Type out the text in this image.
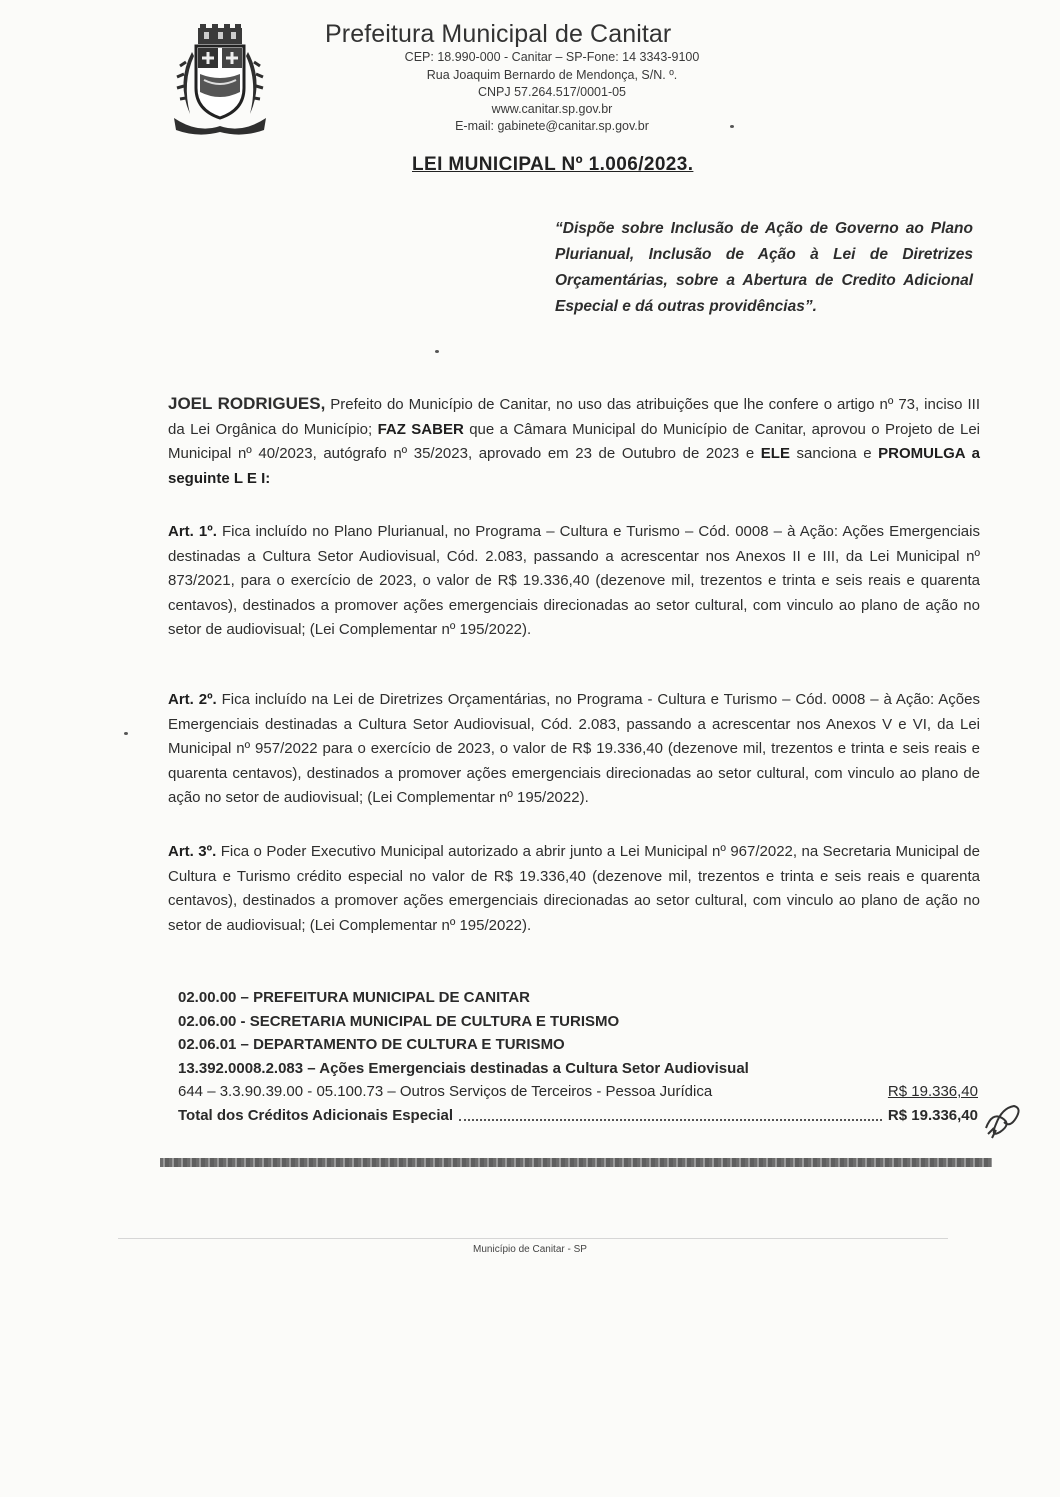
Prefeitura Municipal de Canitar
CEP: 18.990-000 - Canitar – SP-Fone: 14 3343-9100
Rua Joaquim Bernardo de Mendonça, S/N. º.
CNPJ 57.264.517/0001-05
www.canitar.sp.gov.br
E-mail: gabinete@canitar.sp.gov.br
LEI MUNICIPAL Nº 1.006/2023.
“Dispõe sobre Inclusão de Ação de Governo ao Plano Plurianual, Inclusão de Ação à Lei de Diretrizes Orçamentárias, sobre a Abertura de Credito Adicional Especial e dá outras providências”.
JOEL RODRIGUES, Prefeito do Município de Canitar, no uso das atribuições que lhe confere o artigo nº 73, inciso III da Lei Orgânica do Município; FAZ SABER que a Câmara Municipal do Município de Canitar, aprovou o Projeto de Lei Municipal nº 40/2023, autógrafo nº 35/2023, aprovado em 23 de Outubro de 2023 e ELE sanciona e PROMULGA a seguinte L E I:
Art. 1º. Fica incluído no Plano Plurianual, no Programa – Cultura e Turismo – Cód. 0008 – à Ação: Ações Emergenciais destinadas a Cultura Setor Audiovisual, Cód. 2.083, passando a acrescentar nos Anexos II e III, da Lei Municipal nº 873/2021, para o exercício de 2023, o valor de R$ 19.336,40 (dezenove mil, trezentos e trinta e seis reais e quarenta centavos), destinados a promover ações emergenciais direcionadas ao setor cultural, com vinculo ao plano de ação no setor de audiovisual; (Lei Complementar nº 195/2022).
Art. 2º. Fica incluído na Lei de Diretrizes Orçamentárias, no Programa - Cultura e Turismo – Cód. 0008 – à Ação: Ações Emergenciais destinadas a Cultura Setor Audiovisual, Cód. 2.083, passando a acrescentar nos Anexos V e VI, da Lei Municipal nº 957/2022 para o exercício de 2023, o valor de R$ 19.336,40 (dezenove mil, trezentos e trinta e seis reais e quarenta centavos), destinados a promover ações emergenciais direcionadas ao setor cultural, com vinculo ao plano de ação no setor de audiovisual; (Lei Complementar nº 195/2022).
Art. 3º. Fica o Poder Executivo Municipal autorizado a abrir junto a Lei Municipal nº 967/2022, na Secretaria Municipal de Cultura e Turismo crédito especial no valor de R$ 19.336,40 (dezenove mil, trezentos e trinta e seis reais e quarenta centavos), destinados a promover ações emergenciais direcionadas ao setor cultural, com vinculo ao plano de ação no setor de audiovisual; (Lei Complementar nº 195/2022).
02.00.00 – PREFEITURA MUNICIPAL DE CANITAR
02.06.00 - SECRETARIA MUNICIPAL DE CULTURA E TURISMO
02.06.01 – DEPARTAMENTO DE CULTURA E TURISMO
13.392.0008.2.083 – Ações Emergenciais destinadas a Cultura Setor Audiovisual
644 – 3.3.90.39.00 - 05.100.73 – Outros Serviços de Terceiros - Pessoa Jurídica	R$ 19.336,40
Total dos Créditos Adicionais Especial	R$ 19.336,40
Município de Canitar - SP
